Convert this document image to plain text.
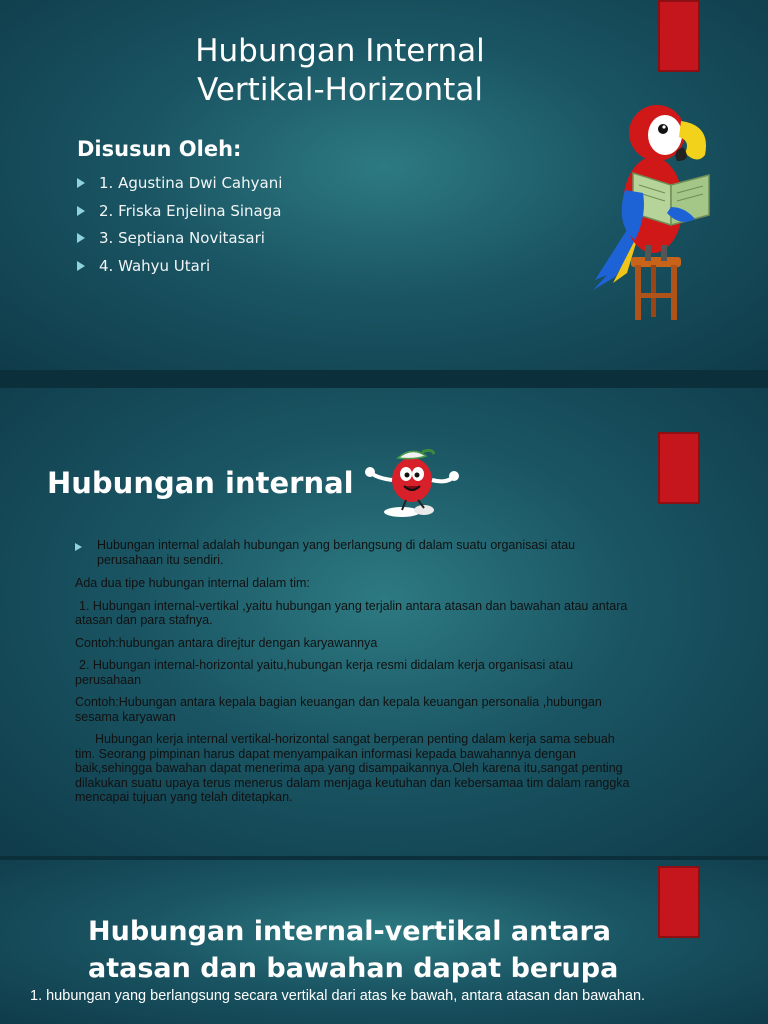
Hubungan Internal
Vertikal-Horizontal
Disusun Oleh:
1. Agustina Dwi Cahyani
2. Friska Enjelina Sinaga
3. Septiana Novitasari
4. Wahyu Utari
Hubungan internal
Hubungan internal adalah hubungan yang berlangsung di dalam suatu organisasi atau perusahaan itu sendiri.

Ada dua tipe hubungan internal dalam tim:

1. Hubungan internal-vertikal ,yaitu hubungan yang terjalin antara atasan dan bawahan atau antara atasan dan para stafnya.

Contoh:hubungan antara direjtur dengan karyawannya

2. Hubungan internal-horizontal yaitu,hubungan kerja resmi didalam kerja organisasi atau perusahaan

Contoh:Hubungan antara kepala bagian keuangan dan kepala keuangan personalia ,hubungan sesama karyawan

Hubungan kerja internal vertikal-horizontal sangat berperan penting dalam kerja sama sebuah tim. Seorang pimpinan harus dapat menyampaikan informasi kepada bawahannya dengan baik,sehingga bawahan dapat menerima apa yang disampaikannya.Oleh karena itu,sangat penting dilakukan suatu upaya terus menerus dalam menjaga keutuhan dan kebersamaa tim dalam ranggka mencapai tujuan yang telah ditetapkan.

Hubungan internal-vertikal antara
atasan dan bawahan dapat berupa
1. hubungan yang berlangsung secara vertikal dari atas ke bawah, antara atasan dan bawahan.
